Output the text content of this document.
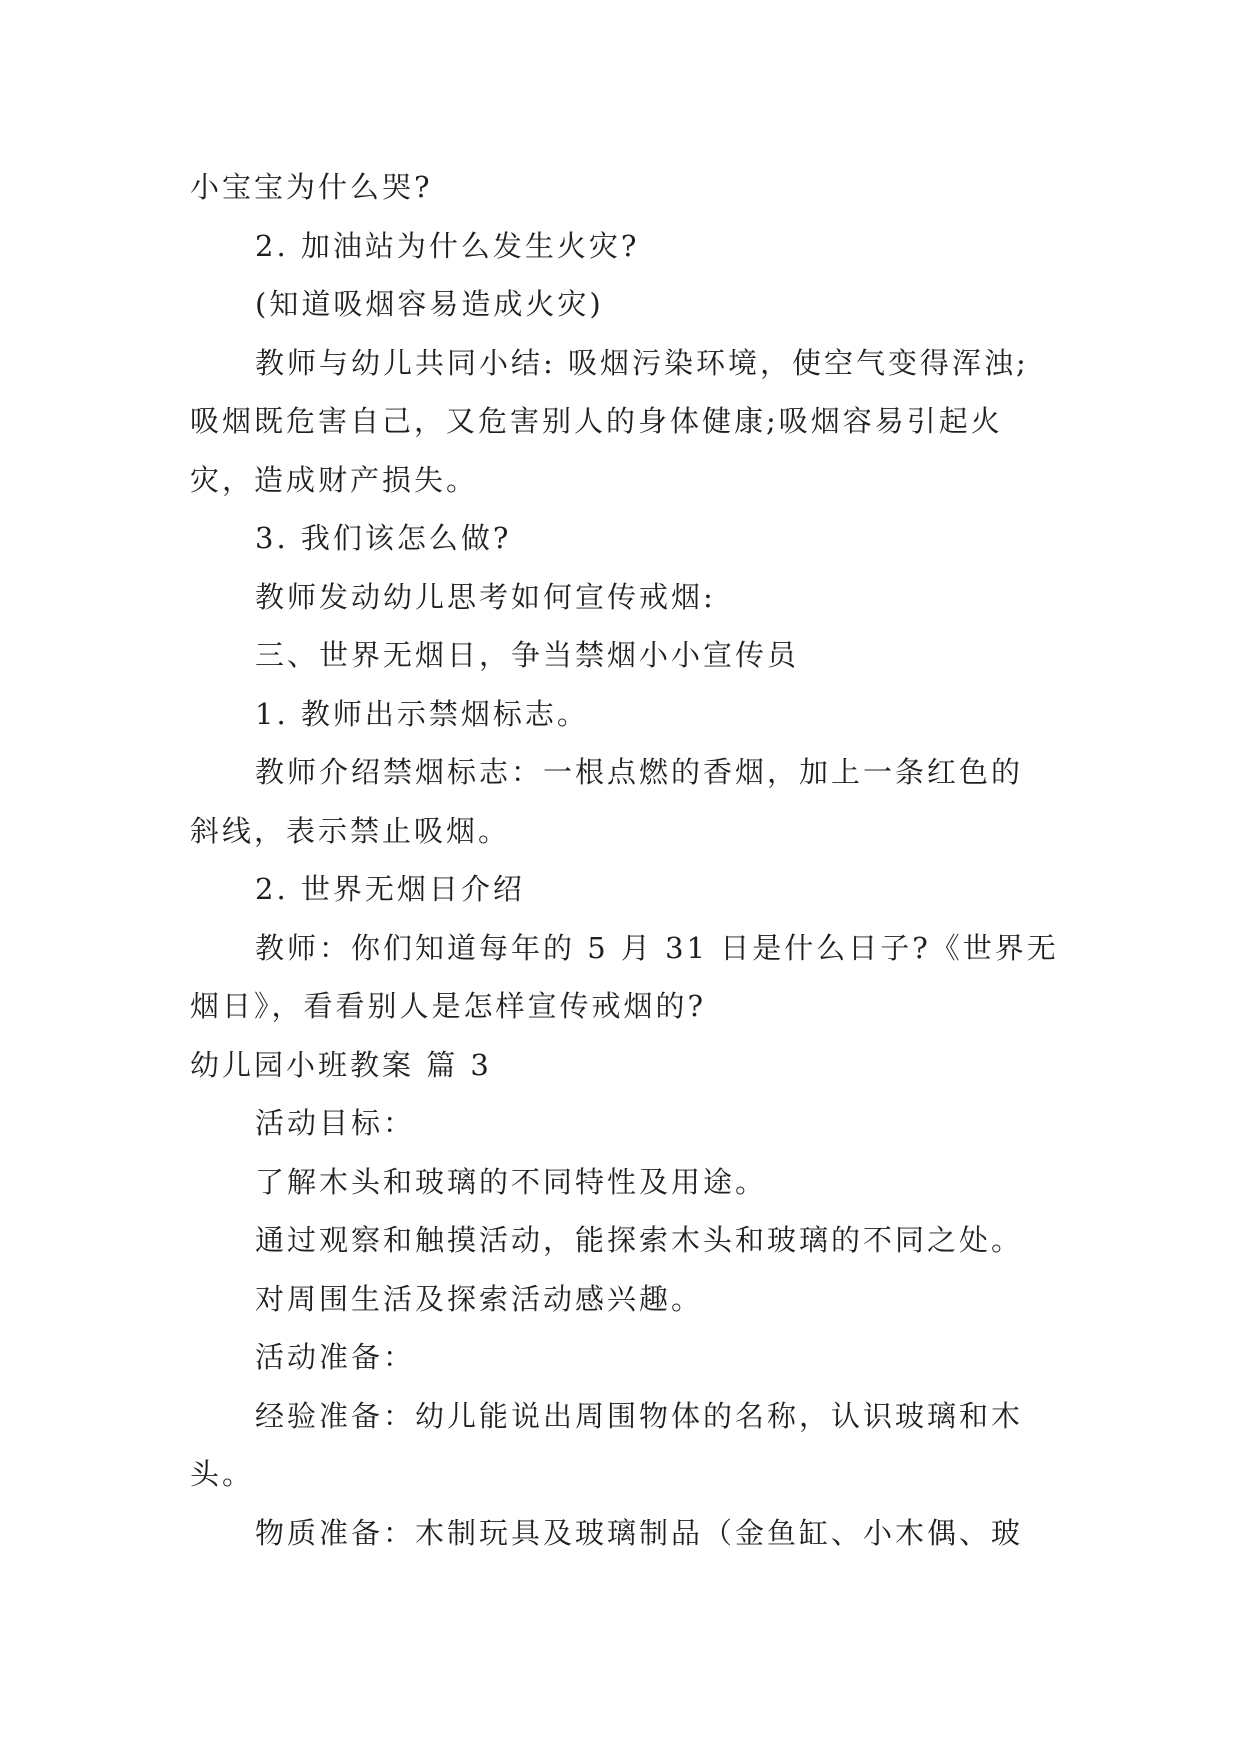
小宝宝为什么哭?
2. 加油站为什么发生火灾?
(知道吸烟容易造成火灾)
教师与幼儿共同小结: 吸烟污染环境，使空气变得浑浊;
吸烟既危害自己，又危害别人的身体健康;吸烟容易引起火
灾，造成财产损失。
3. 我们该怎么做?
教师发动幼儿思考如何宣传戒烟:
三、世界无烟日，争当禁烟小小宣传员
1. 教师出示禁烟标志。
教师介绍禁烟标志：一根点燃的香烟，加上一条红色的
斜线，表示禁止吸烟。
2. 世界无烟日介绍
教师：你们知道每年的 5 月 31 日是什么日子?《世界无
烟日》，看看别人是怎样宣传戒烟的?
幼儿园小班教案 篇 3
活动目标：
了解木头和玻璃的不同特性及用途。
通过观察和触摸活动，能探索木头和玻璃的不同之处。
对周围生活及探索活动感兴趣。
活动准备：
经验准备：幼儿能说出周围物体的名称，认识玻璃和木
头。
物质准备：木制玩具及玻璃制品（金鱼缸、小木偶、玻
